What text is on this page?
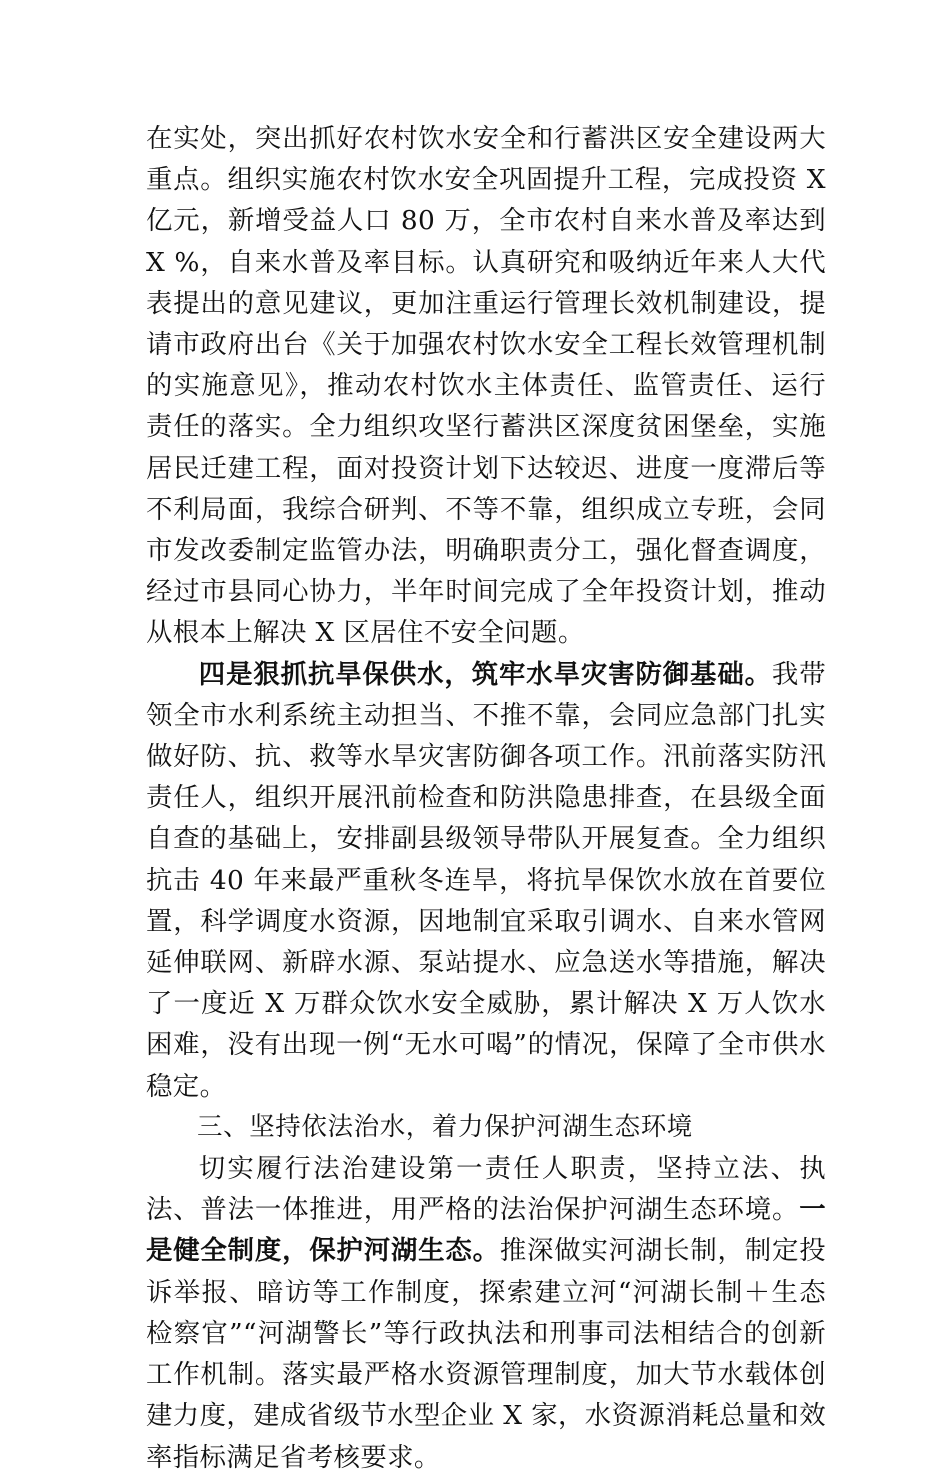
在实处，突出抓好农村饮水安全和行蓄洪区安全建设两大重点。组织实施农村饮水安全巩固提升工程，完成投资 X 亿元，新增受益人口 80 万，全市农村自来水普及率达到 X %，自来水普及率目标。认真研究和吸纳近年来人大代表提出的意见建议，更加注重运行管理长效机制建设，提请市政府出台《关于加强农村饮水安全工程长效管理机制的实施意见》，推动农村饮水主体责任、监管责任、运行责任的落实。全力组织攻坚行蓄洪区深度贫困堡垒，实施居民迁建工程，面对投资计划下达较迟、进度一度滞后等不利局面，我综合研判、不等不靠，组织成立专班，会同市发改委制定监管办法，明确职责分工，强化督查调度，经过市县同心协力，半年时间完成了全年投资计划，推动从根本上解决 X 区居住不安全问题。

四是狠抓抗旱保供水，筑牢水旱灾害防御基础。我带领全市水利系统主动担当、不推不靠，会同应急部门扎实做好防、抗、救等水旱灾害防御各项工作。汛前落实防汛责任人，组织开展汛前检查和防洪隐患排查，在县级全面自查的基础上，安排副县级领导带队开展复查。全力组织抗击 40 年来最严重秋冬连旱，将抗旱保饮水放在首要位置，科学调度水资源，因地制宜采取引调水、自来水管网延伸联网、新辟水源、泵站提水、应急送水等措施，解决了一度近 X 万群众饮水安全威胁，累计解决 X 万人饮水困难，没有出现一例“无水可喝”的情况，保障了全市供水稳定。

三、坚持依法治水，着力保护河湖生态环境

切实履行法治建设第一责任人职责，坚持立法、执法、普法一体推进，用严格的法治保护河湖生态环境。一是健全制度，保护河湖生态。推深做实河湖长制，制定投诉举报、暗访等工作制度，探索建立河“河湖长制＋生态检察官”“河湖警长”等行政执法和刑事司法相结合的创新工作机制。落实最严格水资源管理制度，加大节水载体创建力度，建成省级节水型企业 X 家，水资源消耗总量和效率指标满足省考核要求。
